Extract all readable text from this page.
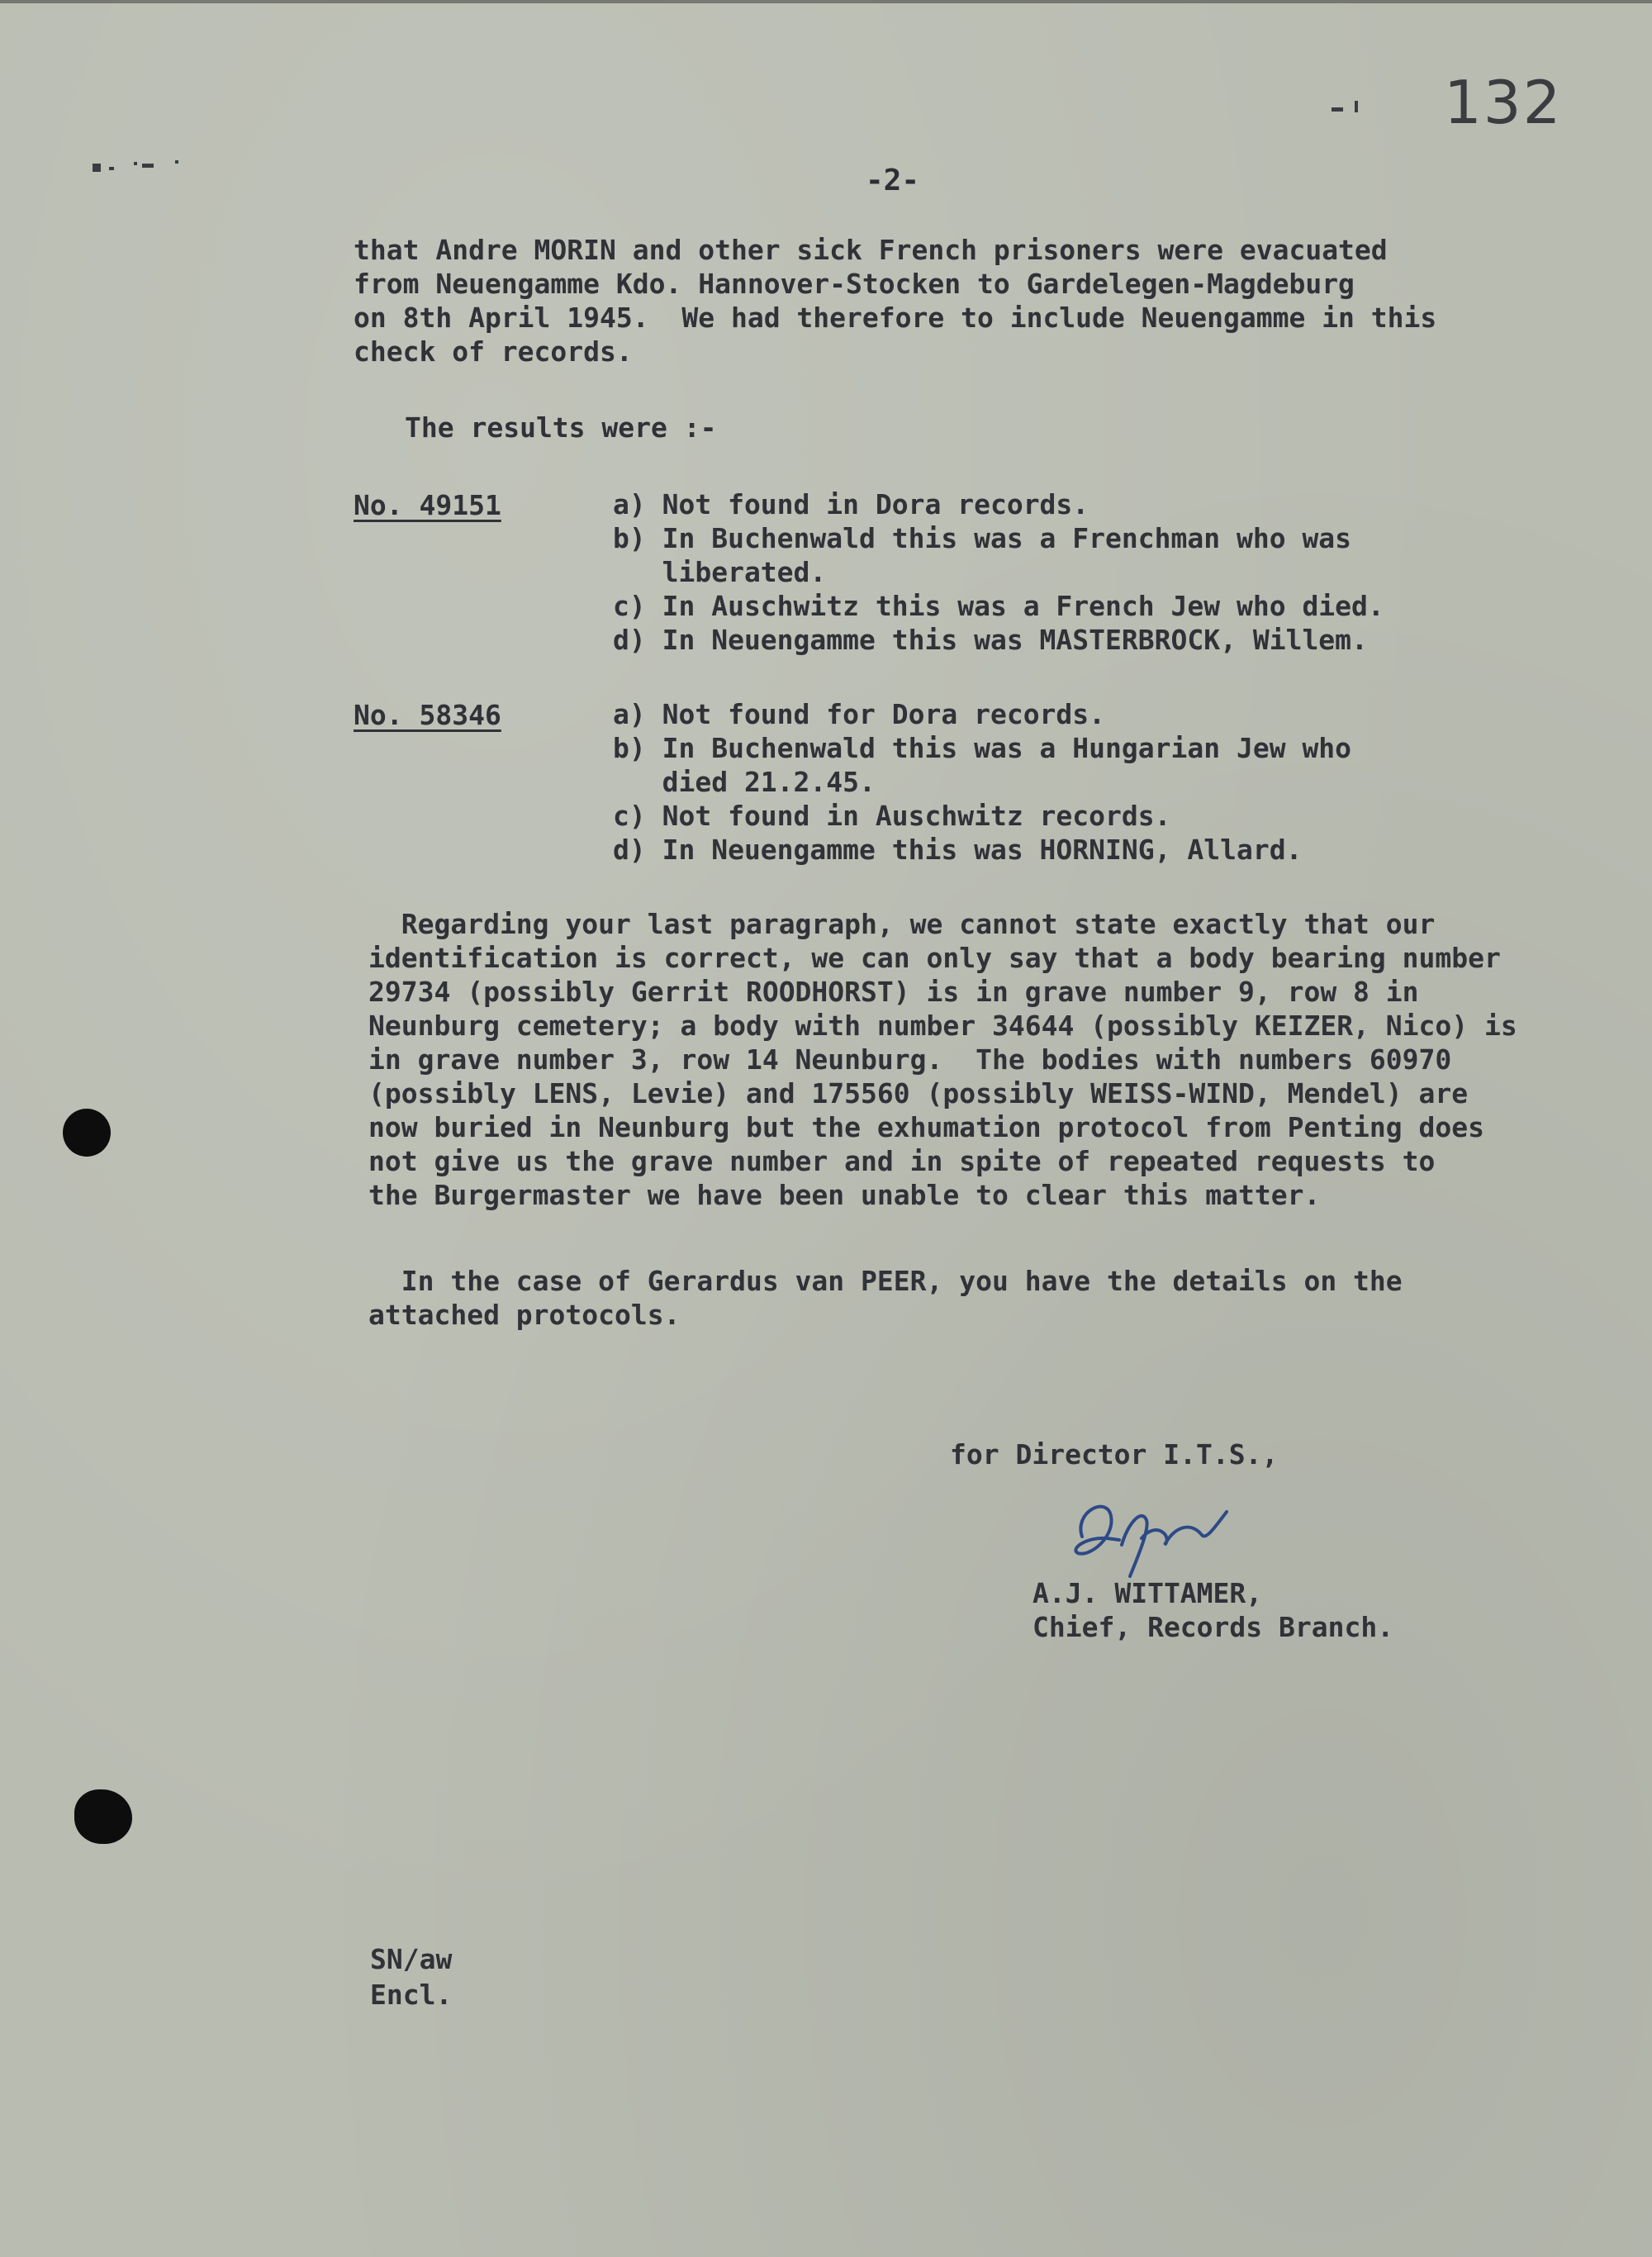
132
-2-
that Andre MORIN and other sick French prisoners were evacuated
from Neuengamme Kdo. Hannover-Stocken to Gardelegen-Magdeburg
on 8th April 1945.  We had therefore to include Neuengamme in this
check of records.
The results were :-
No. 49151	a) Not found in Dora records.
b) In Buchenwald this was a Frenchman who was
liberated.
c) In Auschwitz this was a French Jew who died.
d) In Neuengamme this was MASTERBROCK, Willem.
No. 58346	a) Not found for Dora records.
b) In Buchenwald this was a Hungarian Jew who
died 21.2.45.
c) Not found in Auschwitz records.
d) In Neuengamme this was HORNING, Allard.
Regarding your last paragraph, we cannot state exactly that our
identification is correct, we can only say that a body bearing number
29734 (possibly Gerrit ROODHORST) is in grave number 9, row 8 in
Neunburg cemetery; a body with number 34644 (possibly KEIZER, Nico) is
in grave number 3, row 14 Neunburg.  The bodies with numbers 60970
(possibly LENS, Levie) and 175560 (possibly WEISS-WIND, Mendel) are
now buried in Neunburg but the exhumation protocol from Penting does
not give us the grave number and in spite of repeated requests to
the Burgermaster we have been unable to clear this matter.
In the case of Gerardus van PEER, you have the details on the
attached protocols.
for Director I.T.S.,
A.J. WITTAMER,
Chief, Records Branch.
SN/aw
Encl.
